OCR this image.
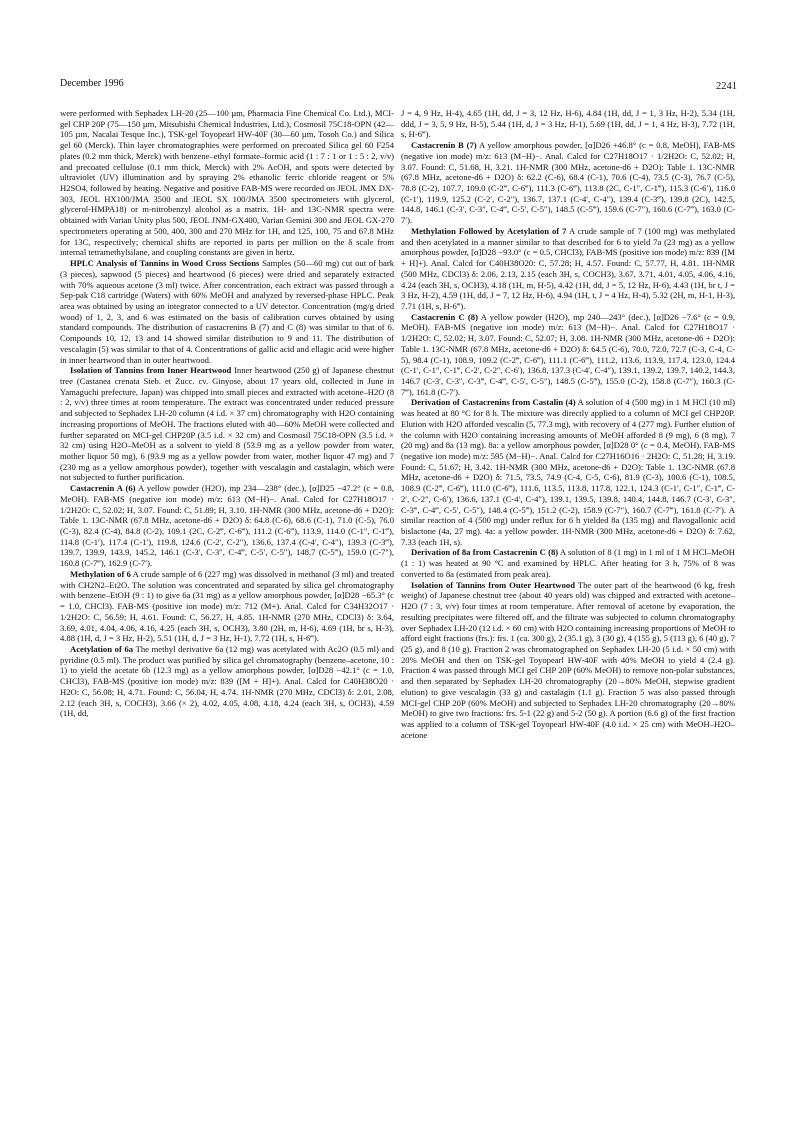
December 1996	2241

were performed with Sephadex LH-20 (25—100 µm, Pharmacia Fine Chemical Co. Ltd.), MCI-gel CHP 20P (75—150 µm, Mitsubishi Chemical Industries, Ltd.), Cosmosil 75C18-OPN (42—105 µm, Nacalai Tesque Inc.), TSK-gel Toyopearl HW-40F (30—60 µm, Tosoh Co.) and Silica gel 60 (Merck). Thin layer chromatographies were performed on precoated Silica gel 60 F254 plates (0.2 mm thick, Merck) with benzene–ethyl formate–formic acid (1 : 7 : 1 or 1 : 5 : 2, v/v) and precoated cellulose (0.1 mm thick, Merck) with 2% AcOH, and spots were detected by ultraviolet (UV) illumination and by spraying 2% ethanolic ferric chloride reagent or 5% H2SO4, followed by heating. Negative and positive FAB-MS were recorded on JEOL JMX DX-303, JEOL HX100/JMA 3500 and JEOL SX 100/JMA 3500 spectrometers with glycerol, glycerol-HMPA18) or m-nitrobenzyl alcohol as a matrix. 1H- and 13C-NMR spectra were obtained with Varian Unity plus 500, JEOL JNM-GX400, Varian Gemini 300 and JEOL GX-270 spectrometers operating at 500, 400, 300 and 270 MHz for 1H, and 125, 100, 75 and 67.8 MHz for 13C, respectively; chemical shifts are reported in parts per million on the δ scale from internal tetramethylsilane, and coupling constants are given in hertz.

HPLC Analysis of Tannins in Wood Cross Sections Samples (50—60 mg) cut out of bark (3 pieces), sapwood (5 pieces) and heartwood (6 pieces) were dried and separately extracted with 70% aqueous acetone (3 ml) twice. After concentration, each extract was passed through a Sep-pak C18 cartridge (Waters) with 60% MeOH and analyzed by reversed-phase HPLC. Peak area was obtained by using an integrator connected to a UV detector. Concentration (mg/g dried wood) of 1, 2, 3, and 6 was estimated on the basis of calibration curves obtained by using standard compounds. The distribution of castacrenins B (7) and C (8) was similar to that of 6. Compounds 10, 12, 13 and 14 showed similar distribution to 9 and 11. The distribution of vescalagin (5) was similar to that of 4. Concentrations of gallic acid and ellagic acid were higher in inner heartwood than in outer heartwood.

Isolation of Tannins from Inner Heartwood Inner heartwood (250 g) of Japanese chestnut tree (Castanea crenata Sieb. et Zucc. cv. Ginyose, about 17 years old, collected in June in Yamaguchi prefecture, Japan) was chipped into small pieces and extracted with acetone–H2O (8 : 2, v/v) three times at room temperature. The extract was concentrated under reduced pressure and subjected to Sephadex LH-20 column (4 i.d. × 37 cm) chromatography with H2O containing increasing proportions of MeOH. The fractions eluted with 40—60% MeOH were collected and further separated on MCI-gel CHP20P (3.5 i.d. × 32 cm) and Cosmosil 75C18-OPN (3.5 i.d. × 32 cm) using H2O–MeOH as a solvent to yield 8 (53.9 mg as a yellow powder from water, mother liquor 50 mg), 6 (93.9 mg as a yellow powder from water, mother liquor 47 mg) and 7 (230 mg as a yellow amorphous powder), together with vescalagin and castalagin, which were not subjected to further purification.

Castacrenin A (6) A yellow powder (H2O), mp 234—238° (dec.), [α]D25 −47.2° (c = 0.8, MeOH). FAB-MS (negative ion mode) m/z: 613 (M−H)−. Anal. Calcd for C27H18O17 · 1/2H2O: C, 52.02; H, 3.07. Found: C, 51.89; H, 3.10. 1H-NMR (300 MHz, acetone-d6 + D2O): Table 1. 13C-NMR (67.8 MHz, acetone-d6 + D2O) δ: 64.8 (C-6), 68.6 (C-1), 71.0 (C-5), 76.0 (C-3), 82.4 (C-4), 84.8 (C-2), 109.1 (2C, C-2‴, C-6‴), 111.2 (C-6‴), 113.9, 114.0 (C-1″, C-1‴), 114.8 (C-1′), 117.4 (C-1′), 119.8, 124.6 (C-2′, C-2″), 136.6, 137.4 (C-4′, C-4″), 139.3 (C-3‴), 139.7, 139.9, 143.9, 145.2, 146.1 (C-3′, C-3″, C-4‴, C-5′, C-5″), 148.7 (C-5‴), 159.0 (C-7″), 160.8 (C-7‴), 162.9 (C-7′).

Methylation of 6 A crude sample of 6 (227 mg) was dissolved in methanol (3 ml) and treated with CH2N2–Et2O. The solution was concentrated and separated by silica gel chromatography with benzene–EtOH (9 : 1) to give 6a (31 mg) as a yellow amorphous powder, [α]D28 −65.3° (c = 1.0, CHCl3). FAB-MS (positive ion mode) m/z: 712 (M+). Anal. Calcd for C34H32O17 · 1/2H2O: C, 56.59; H, 4.61. Found: C, 56.27, H, 4.85. 1H-NMR (270 MHz, CDCl3) δ: 3.64, 3.69, 4.01, 4.04, 4.06, 4.16, 4.25 (each 3H, s, OCH3), 3.80 (2H, m, H-6), 4.69 (1H, br s, H-3), 4.88 (1H, d, J = 3 Hz, H-2), 5.51 (1H, d, J = 3 Hz, H-1), 7.72 (1H, s, H-6‴).

Acetylation of 6a The methyl derivative 6a (12 mg) was acetylated with Ac2O (0.5 ml) and pyridine (0.5 ml). The product was purified by silica gel chromatography (benzene–acetone, 10 : 1) to yield the acetate 6b (12.3 mg) as a yellow amorphous powder, [α]D28 −42.1° (c = 1.0, CHCl3), FAB-MS (positive ion mode) m/z: 839 ([M + H]+). Anal. Calcd for C40H38O20 · H2O: C, 56.08; H, 4.71. Found: C, 56.04, H, 4.74. 1H-NMR (270 MHz, CDCl3) δ: 2.01, 2.08, 2.12 (each 3H, s, COCH3), 3.66 (× 2), 4.02, 4.05, 4.08, 4.18, 4.24 (each 3H, s, OCH3), 4.59 (1H, dd,

J = 4, 9 Hz, H-4), 4.65 (1H, dd, J = 3, 12 Hz, H-6), 4.84 (1H, dd, J = 1, 3 Hz, H-2), 5.34 (1H, ddd, J = 3, 5, 9 Hz, H-5), 5.44 (1H, d, J = 3 Hz, H-1), 5.69 (1H, dd, J = 1, 4 Hz, H-3), 7.72 (1H, s, H-6‴).

Castacrenin B (7) A yellow amorphous powder, [α]D26 +46.8° (c = 0.8, MeOH), FAB-MS (negative ion mode) m/z: 613 (M−H)−. Anal. Calcd for C27H18O17 · 1/2H2O: C, 52.02; H, 3.07. Found: C, 51.68, H, 3.21. 1H-NMR (300 MHz, acetone-d6 + D2O): Table 1. 13C-NMR (67.8 MHz, acetone-d6 + D2O) δ: 62.2 (C-6), 68.4 (C-1), 70.6 (C-4), 73.5 (C-3), 76.7 (C-5), 78.8 (C-2), 107.7, 109.0 (C-2‴, C-6‴), 111.3 (C-6‴), 113.8 (2C, C-1″, C-1‴), 115.3 (C-6′), 116.0 (C-1′), 119.9, 125.2 (C-2′, C-2″), 136.7, 137.1 (C-4′, C-4″), 139.4 (C-3‴), 139.8 (2C), 142.5, 144.8, 146.1 (C-3′, C-3″, C-4‴, C-5′, C-5″), 148.5 (C-5‴), 159.6 (C-7″), 160.6 (C-7‴), 163.0 (C-7′).

Methylation Followed by Acetylation of 7 A crude sample of 7 (100 mg) was methylated and then acetylated in a manner similar to that described for 6 to yield 7a (23 mg) as a yellow amorphous powder, [α]D28 −93.0° (c = 0.5, CHCl3), FAB-MS (positive ion mode) m/z: 839 ([M + H]+). Anal. Calcd for C40H38O20: C, 57.28; H, 4.57. Found: C, 57.77, H, 4.81. 1H-NMR (500 MHz, CDCl3) δ: 2.06, 2.13, 2.15 (each 3H, s, COCH3), 3.67, 3.71, 4.01, 4.05, 4.06, 4.16, 4.24 (each 3H, s, OCH3), 4.18 (1H, m, H-5), 4.42 (1H, dd, J = 5, 12 Hz, H-6), 4.43 (1H, br t, J = 3 Hz, H-2), 4.59 (1H, dd, J = 7, 12 Hz, H-6), 4.94 (1H, t, J = 4 Hz, H-4), 5.32 (2H, m, H-1, H-3), 7.71 (1H, s, H-6‴).

Castacrenin C (8) A yellow powder (H2O), mp 240—243° (dec.), [α]D26 −7.6° (c = 0.9, MeOH). FAB-MS (negative ion mode) m/z: 613 (M−H)−. Anal. Calcd for C27H18O17 · 1/2H2O: C, 52.02; H, 3.07. Found: C, 52.07; H, 3.08. 1H-NMR (300 MHz, acetone-d6 + D2O): Table 1. 13C-NMR (67.8 MHz, acetone-d6 + D2O) δ: 64.5 (C-6), 70.0, 72.0, 72.7 (C-3, C-4, C-5), 98.4 (C-1), 108.9, 109.2 (C-2‴, C-6‴), 111.1 (C-6‴), 111.2, 113.6, 113.9, 117.4, 123.0, 124.4 (C-1′, C-1″, C-1‴, C-2′, C-2″, C-6′), 136.8, 137.3 (C-4′, C-4″), 139.1, 139.2, 139.7, 140.2, 144.3, 146.7 (C-3′, C-3″, C-3‴, C-4‴, C-5′, C-5″), 148.5 (C-5‴), 155.0 (C-2), 158.8 (C-7″), 160.3 (C-7‴), 161.8 (C-7′).

Derivation of Castacrenins from Castalin (4) A solution of 4 (500 mg) in 1 M HCl (10 ml) was heated at 80 °C for 8 h. The mixture was directly applied to a column of MCI gel CHP20P. Elution with H2O afforded vescalin (5, 77.3 mg), with recovery of 4 (277 mg). Further elution of the column with H2O containing increasing amounts of MeOH afforded 8 (9 mg), 6 (8 mg), 7 (20 mg) and 8a (13 mg). 8a: a yellow amorphous powder, [α]D28 0° (c = 0.4, MeOH). FAB-MS (negative ion mode) m/z: 595 (M−H)−. Anal. Calcd for C27H16O16 · 2H2O: C, 51.28; H, 3.19. Found: C, 51.67; H, 3.42. 1H-NMR (300 MHz, acetone-d6 + D2O): Table 1. 13C-NMR (67.8 MHz, acetone-d6 + D2O) δ: 71.5, 73.5, 74.9 (C-4, C-5, C-6), 81.9 (C-3), 100.6 (C-1), 108.5, 108.9 (C-2‴, C-6‴), 111.0 (C-6‴), 111.6, 113.5, 113.8, 117.8, 122.1, 124.3 (C-1′, C-1″, C-1‴, C-2′, C-2″, C-6′), 136.6, 137.1 (C-4′, C-4″), 139.1, 139.5, 139.8, 140.4, 144.8, 146.7 (C-3′, C-3″, C-3‴, C-4‴, C-5′, C-5″), 148.4 (C-5‴), 151.2 (C-2), 158.9 (C-7″), 160.7 (C-7‴), 161.8 (C-7′). A similar reaction of 4 (500 mg) under reflux for 6 h yielded 8a (135 mg) and flavogallonic acid bislactone (4a, 27 mg). 4a: a yellow powder. 1H-NMR (300 MHz, acetone-d6 + D2O) δ: 7.62, 7.33 (each 1H, s).

Derivation of 8a from Castacrenin C (8) A solution of 8 (1 mg) in 1 ml of 1 M HCl–MeOH (1 : 1) was heated at 90 °C and examined by HPLC. After heating for 3 h, 75% of 8 was converted to 8a (estimated from peak area).

Isolation of Tannins from Outer Heartwood The outer part of the heartwood (6 kg, fresh weight) of Japanese chestnut tree (about 40 years old) was chipped and extracted with acetone–H2O (7 : 3, v/v) four times at room temperature. After removal of acetone by evaporation, the resulting precipitates were filtered off, and the filtrate was subjected to column chromatography over Sephadex LH-20 (12 i.d. × 60 cm) with H2O containing increasing proportions of MeOH to afford eight fractions (frs.): frs. 1 (ca. 300 g), 2 (35.1 g), 3 (30 g), 4 (155 g), 5 (113 g), 6 (40 g), 7 (25 g), and 8 (10 g). Fraction 2 was chromatographed on Sephadex LH-20 (5 i.d. × 50 cm) with 20% MeOH and then on TSK-gel Toyopearl HW-40F with 40% MeOH to yield 4 (2.4 g). Fraction 4 was passed through MCI gel CHP 20P (60% MeOH) to remove non-polar substances, and then separated by Sephadex LH-20 chromatography (20→80% MeOH, stepwise gradient elution) to give vescalagin (33 g) and castalagin (1.1 g). Fraction 5 was also passed through MCI-gel CHP 20P (60% MeOH) and subjected to Sephadex LH-20 chromatography (20→80% MeOH) to give two fractions: frs. 5-1 (22 g) and 5-2 (50 g). A portion (6.6 g) of the first fraction was applied to a column of TSK-gel Toyopearl HW-40F (4.0 i.d. × 25 cm) with MeOH–H2O–acetone
